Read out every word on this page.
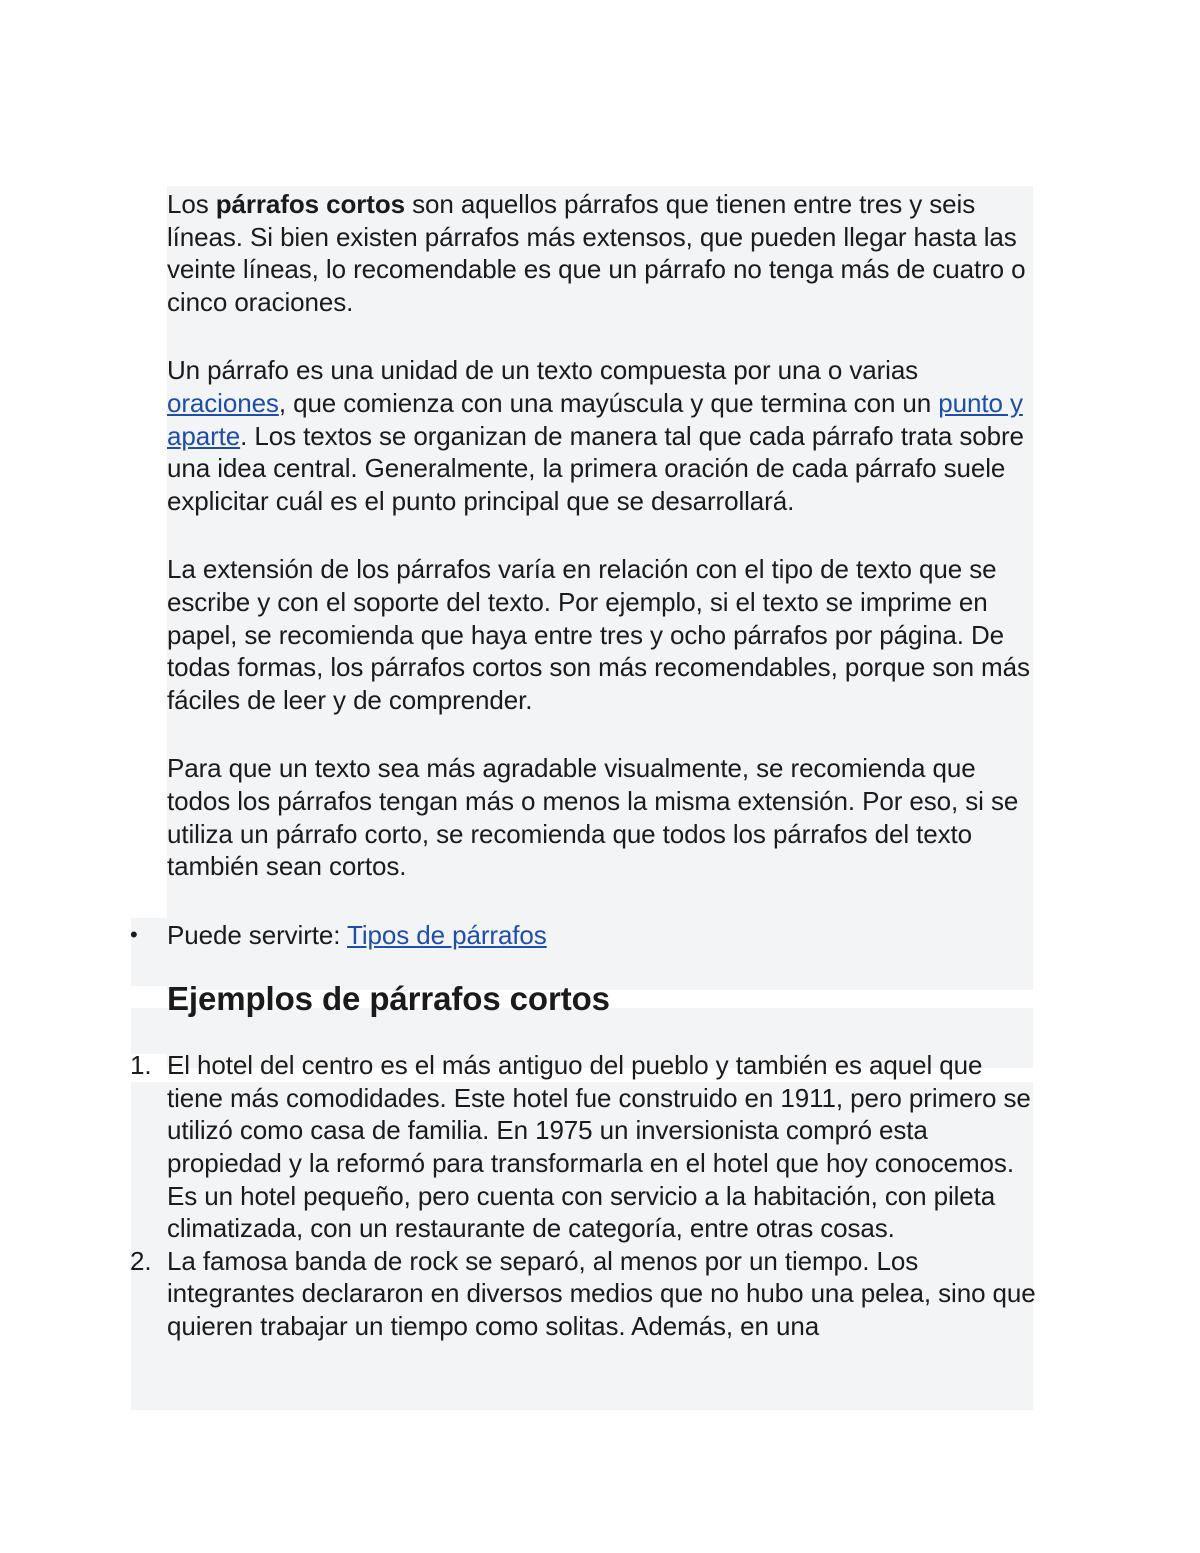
Los párrafos cortos son aquellos párrafos que tienen entre tres y seis líneas. Si bien existen párrafos más extensos, que pueden llegar hasta las veinte líneas, lo recomendable es que un párrafo no tenga más de cuatro o cinco oraciones.

Un párrafo es una unidad de un texto compuesta por una o varias oraciones, que comienza con una mayúscula y que termina con un punto y aparte. Los textos se organizan de manera tal que cada párrafo trata sobre una idea central. Generalmente, la primera oración de cada párrafo suele explicitar cuál es el punto principal que se desarrollará.

La extensión de los párrafos varía en relación con el tipo de texto que se escribe y con el soporte del texto. Por ejemplo, si el texto se imprime en papel, se recomienda que haya entre tres y ocho párrafos por página. De todas formas, los párrafos cortos son más recomendables, porque son más fáciles de leer y de comprender.

Para que un texto sea más agradable visualmente, se recomienda que todos los párrafos tengan más o menos la misma extensión. Por eso, si se utiliza un párrafo corto, se recomienda que todos los párrafos del texto también sean cortos.

• Puede servirte: Tipos de párrafos
Ejemplos de párrafos cortos
1. El hotel del centro es el más antiguo del pueblo y también es aquel que tiene más comodidades. Este hotel fue construido en 1911, pero primero se utilizó como casa de familia. En 1975 un inversionista compró esta propiedad y la reformó para transformarla en el hotel que hoy conocemos. Es un hotel pequeño, pero cuenta con servicio a la habitación, con pileta climatizada, con un restaurante de categoría, entre otras cosas.
2. La famosa banda de rock se separó, al menos por un tiempo. Los integrantes declararon en diversos medios que no hubo una pelea, sino que quieren trabajar un tiempo como solitas. Además, en una
